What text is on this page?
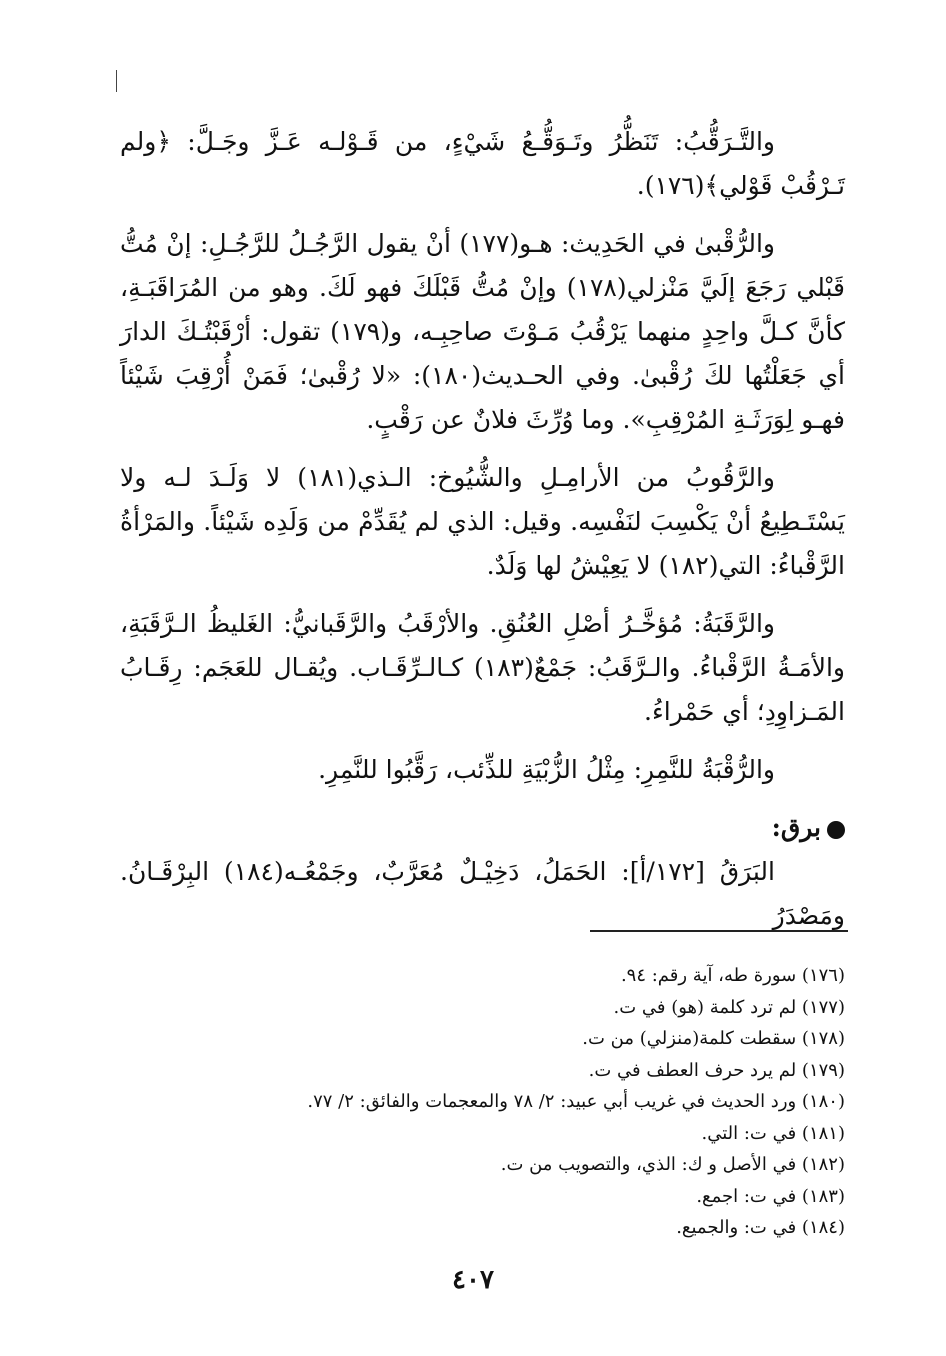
والتَّـرَقُّبُ: تَنَظُّرُ وتَـوَقُّـعُ شَيْءٍ، من قَـوْلـه عَـزَّ وجَـلَّ: ﴿ولم تَـرْقُبْ قَوْلي﴾(١٧٦).

والرُّقْبىٰ في الحَدِيث: هـو(١٧٧) أنْ يقول الرَّجُـلُ للرَّجُـلِ: إنْ مُتُّ قَبْلي رَجَعَ إلَيَّ مَنْزلي(١٧٨) وإنْ مُتُّ قَبْلَكَ فهو لَكَ. وهو من المُرَاقَبَـةِ، كأنَّ كـلَّ واحِدٍ منهما يَرْقُبُ مَـوْتَ صاحِبِـه، و(١٧٩) تقول: أرْقَبْتُـكَ الدارَ أي جَعَلْتُها لكَ رُقْبىٰ. وفي الحـديث(١٨٠): «لا رُقْبىٰ؛ فَمَنْ أُرْقِبَ شَيْئاً فهـو لِوَرَثَـةِ المُرْقِبِ». وما وُرِّثَ فلانٌ عن رَقْبٍ.

والرَّقُوبُ من الأرامِـلِ والشُّيُوخ: الـذي(١٨١) لا وَلَـدَ لـه ولا يَسْتَـطِيعُ أنْ يَكْسِبَ لنَفْسِه. وقيل: الذي لم يُقَدِّمْ من وَلَدِه شَيْئاً. والمَرْأةُ الرَّقْباءُ: التي(١٨٢) لا يَعِيْشُ لها وَلَدٌ.

والرَّقَبَةُ: مُؤخَّـرُ أصْلِ العُنُقِ. والأرْقَبُ والرَّقَبانيُّ: الغَليظُ الـرَّقَبَةِ، والأمَـةُ الرَّقْباءُ. والـرَّقَبُ: جَمْعٌ(١٨٣) كـالـرِّقَـاب. ويُقـال للعَجَم: رِقَـابُ المَـزاوِدِ؛ أي حَمْراءُ.

والرُّقْبَةُ للنَّمِرِ: مِثْلُ الزُّبْيَةِ للذِّئب، رَقَّبُوا للنَّمِرِ.

برق:

البَرَقُ [١٧٢/أ]: الحَمَلُ، دَخِيْـلٌ مُعَرَّبٌ، وجَمْعُـه(١٨٤) البِرْقَـانُ. ومَصْدَرُ

(١٧٦) سورة طه، آية رقم: ٩٤.
(١٧٧) لم ترد كلمة (هو) في ت.
(١٧٨) سقطت كلمة(منزلي) من ت.
(١٧٩) لم يرد حرف العطف في ت.
(١٨٠) ورد الحديث في غريب أبي عبيد: ٢/ ٧٨ والمعجمات والفائق: ٢/ ٧٧.
(١٨١) في ت: التي.
(١٨٢) في الأصل و ك: الذي، والتصويب من ت.
(١٨٣) في ت: اجمع.
(١٨٤) في ت: والجميع.
٤٠٧
